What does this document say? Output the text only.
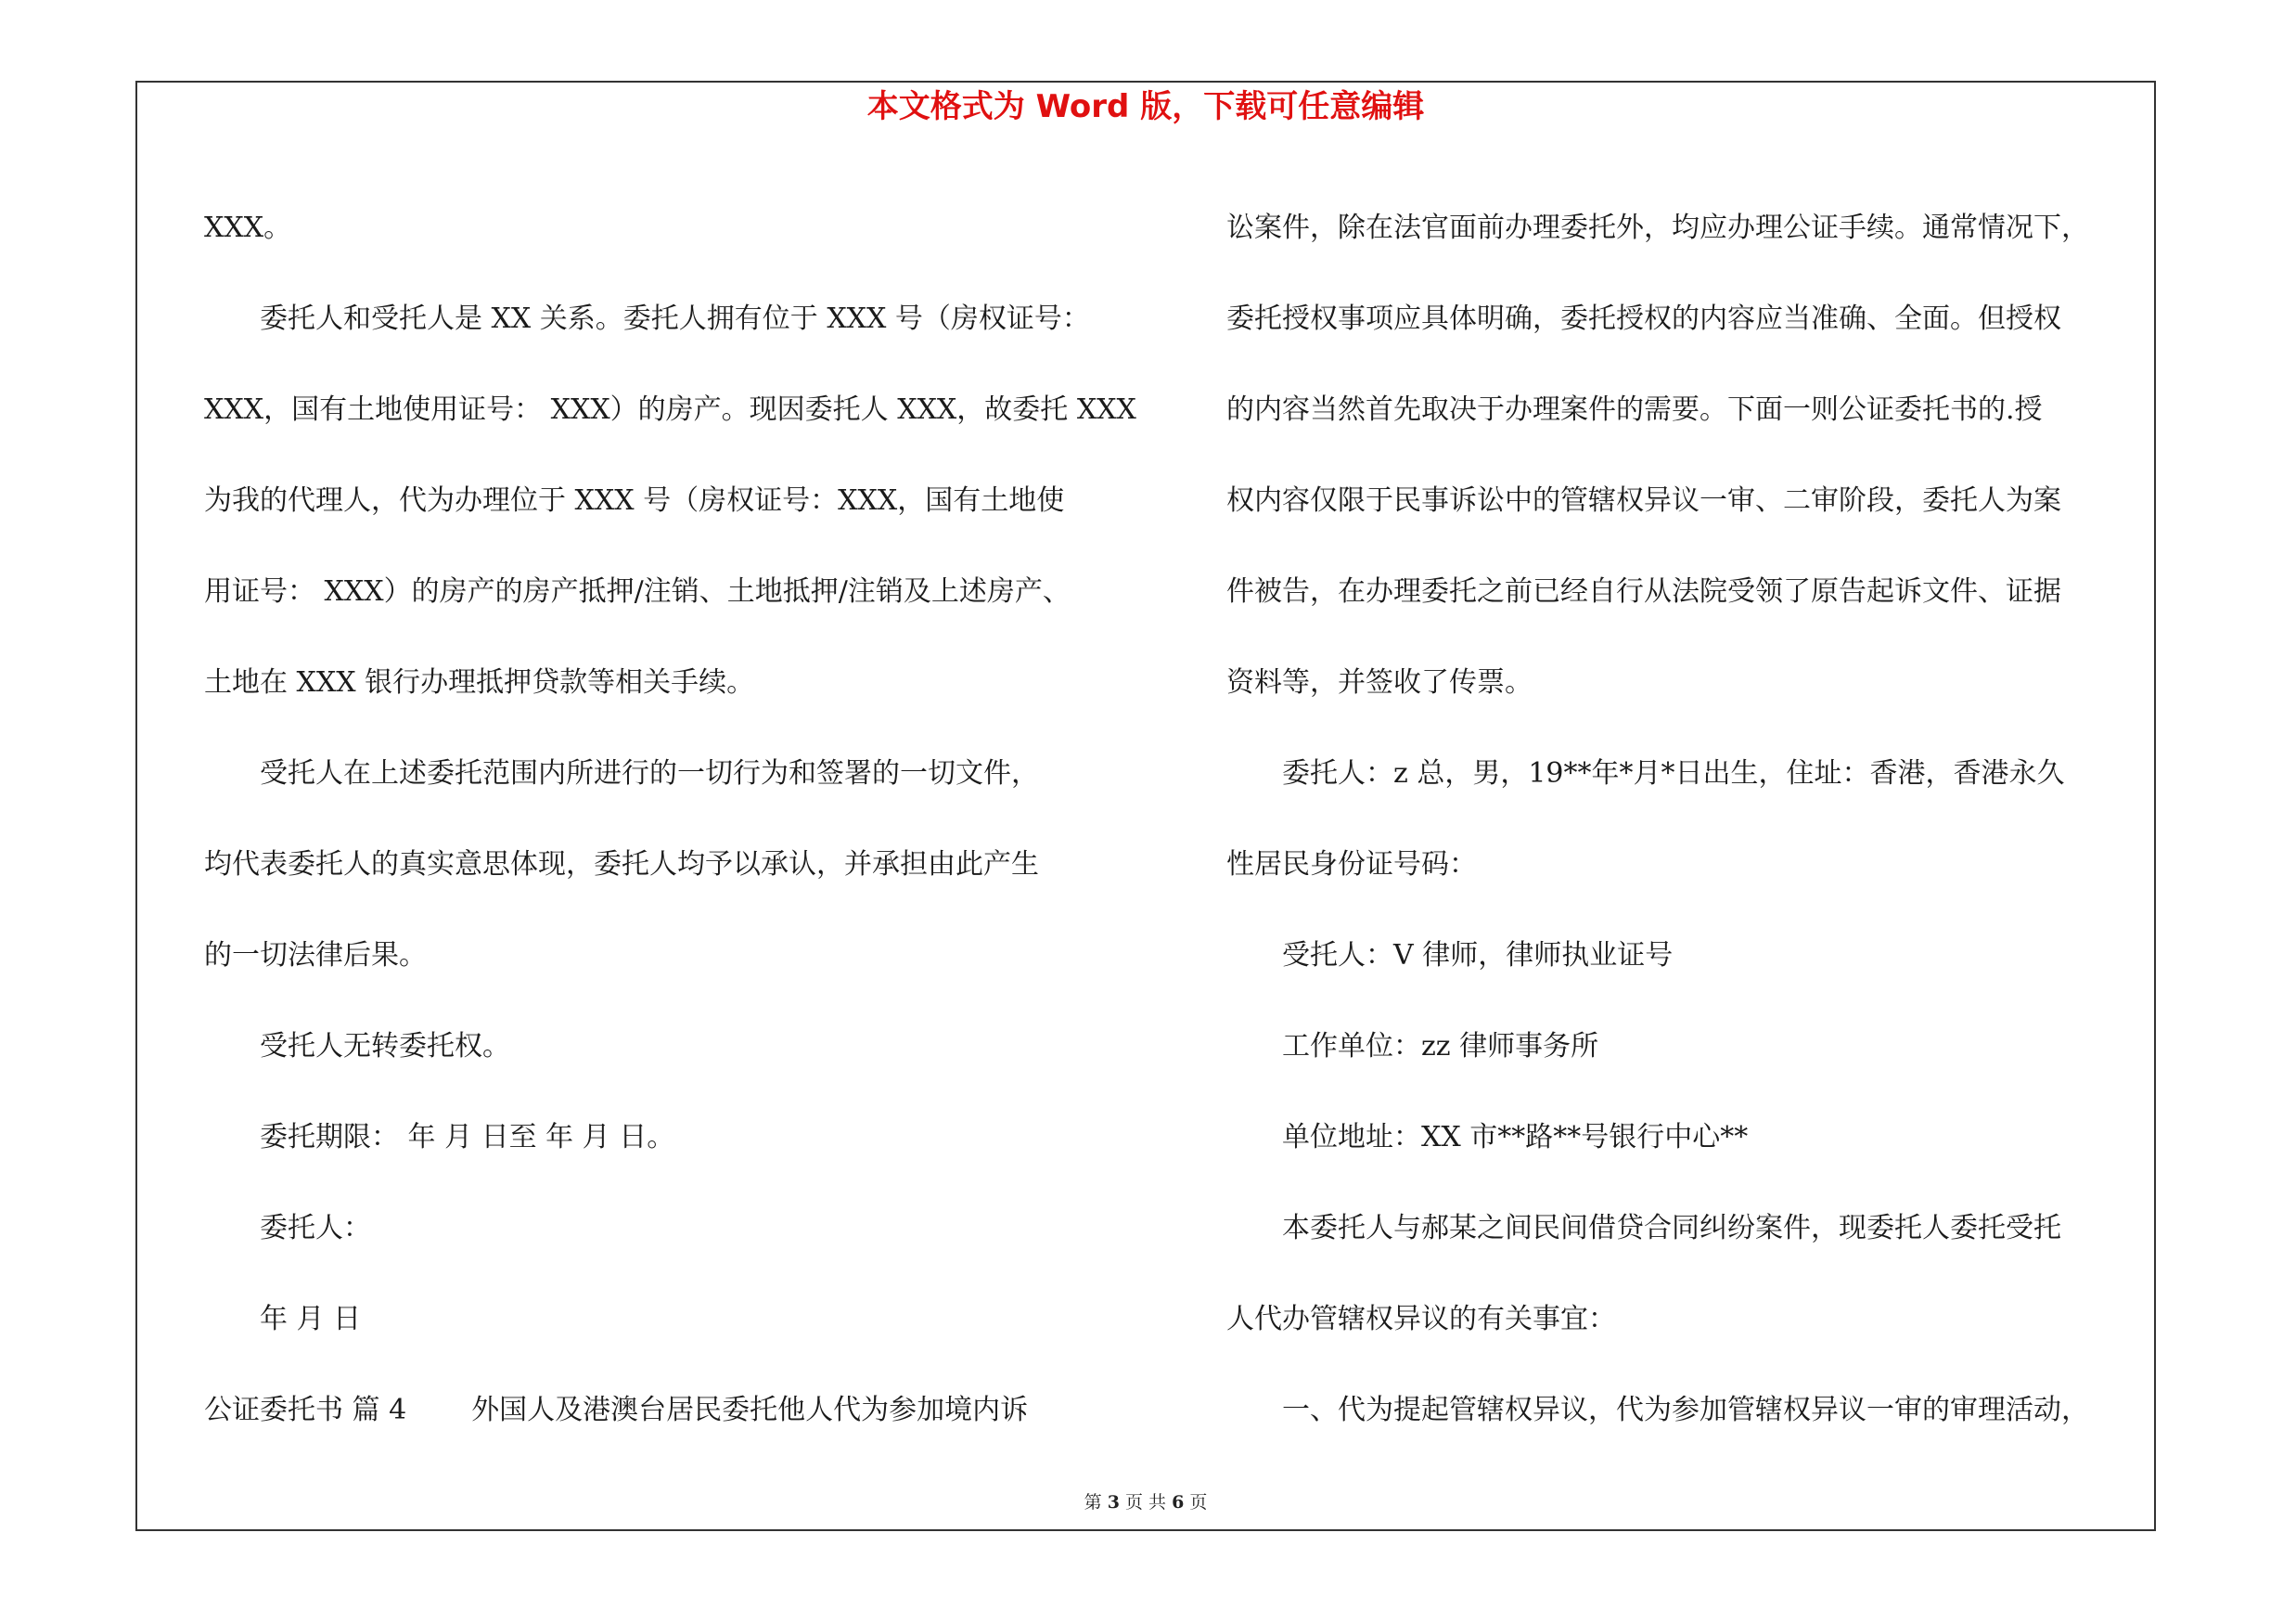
本文格式为 Word 版，下载可任意编辑
XXX。
委托人和受托人是 XX 关系。委托人拥有位于 XXX 号（房权证号：
XXX，国有土地使用证号： XXX）的房产。现因委托人 XXX，故委托 XXX
为我的代理人，代为办理位于 XXX 号（房权证号：XXX，国有土地使
用证号： XXX）的房产的房产抵押/注销、土地抵押/注销及上述房产、
土地在 XXX 银行办理抵押贷款等相关手续。
受托人在上述委托范围内所进行的一切行为和签署的一切文件，
均代表委托人的真实意思体现，委托人均予以承认，并承担由此产生
的一切法律后果。
受托人无转委托权。
委托期限： 年 月 日至 年 月 日。
委托人：
年 月 日
公证委托书 篇 4 外国人及港澳台居民委托他人代为参加境内诉
讼案件，除在法官面前办理委托外，均应办理公证手续。通常情况下，
委托授权事项应具体明确，委托授权的内容应当准确、全面。但授权
的内容当然首先取决于办理案件的需要。下面一则公证委托书的.授
权内容仅限于民事诉讼中的管辖权异议一审、二审阶段，委托人为案
件被告，在办理委托之前已经自行从法院受领了原告起诉文件、证据
资料等，并签收了传票。
委托人：z 总，男，19**年*月*日出生，住址：香港，香港永久
性居民身份证号码：
受托人：V 律师，律师执业证号
工作单位：zz 律师事务所
单位地址：XX 市**路**号银行中心**
本委托人与郝某之间民间借贷合同纠纷案件，现委托人委托受托
人代办管辖权异议的有关事宜：
一、代为提起管辖权异议，代为参加管辖权异议一审的审理活动，
第 3 页 共 6 页
